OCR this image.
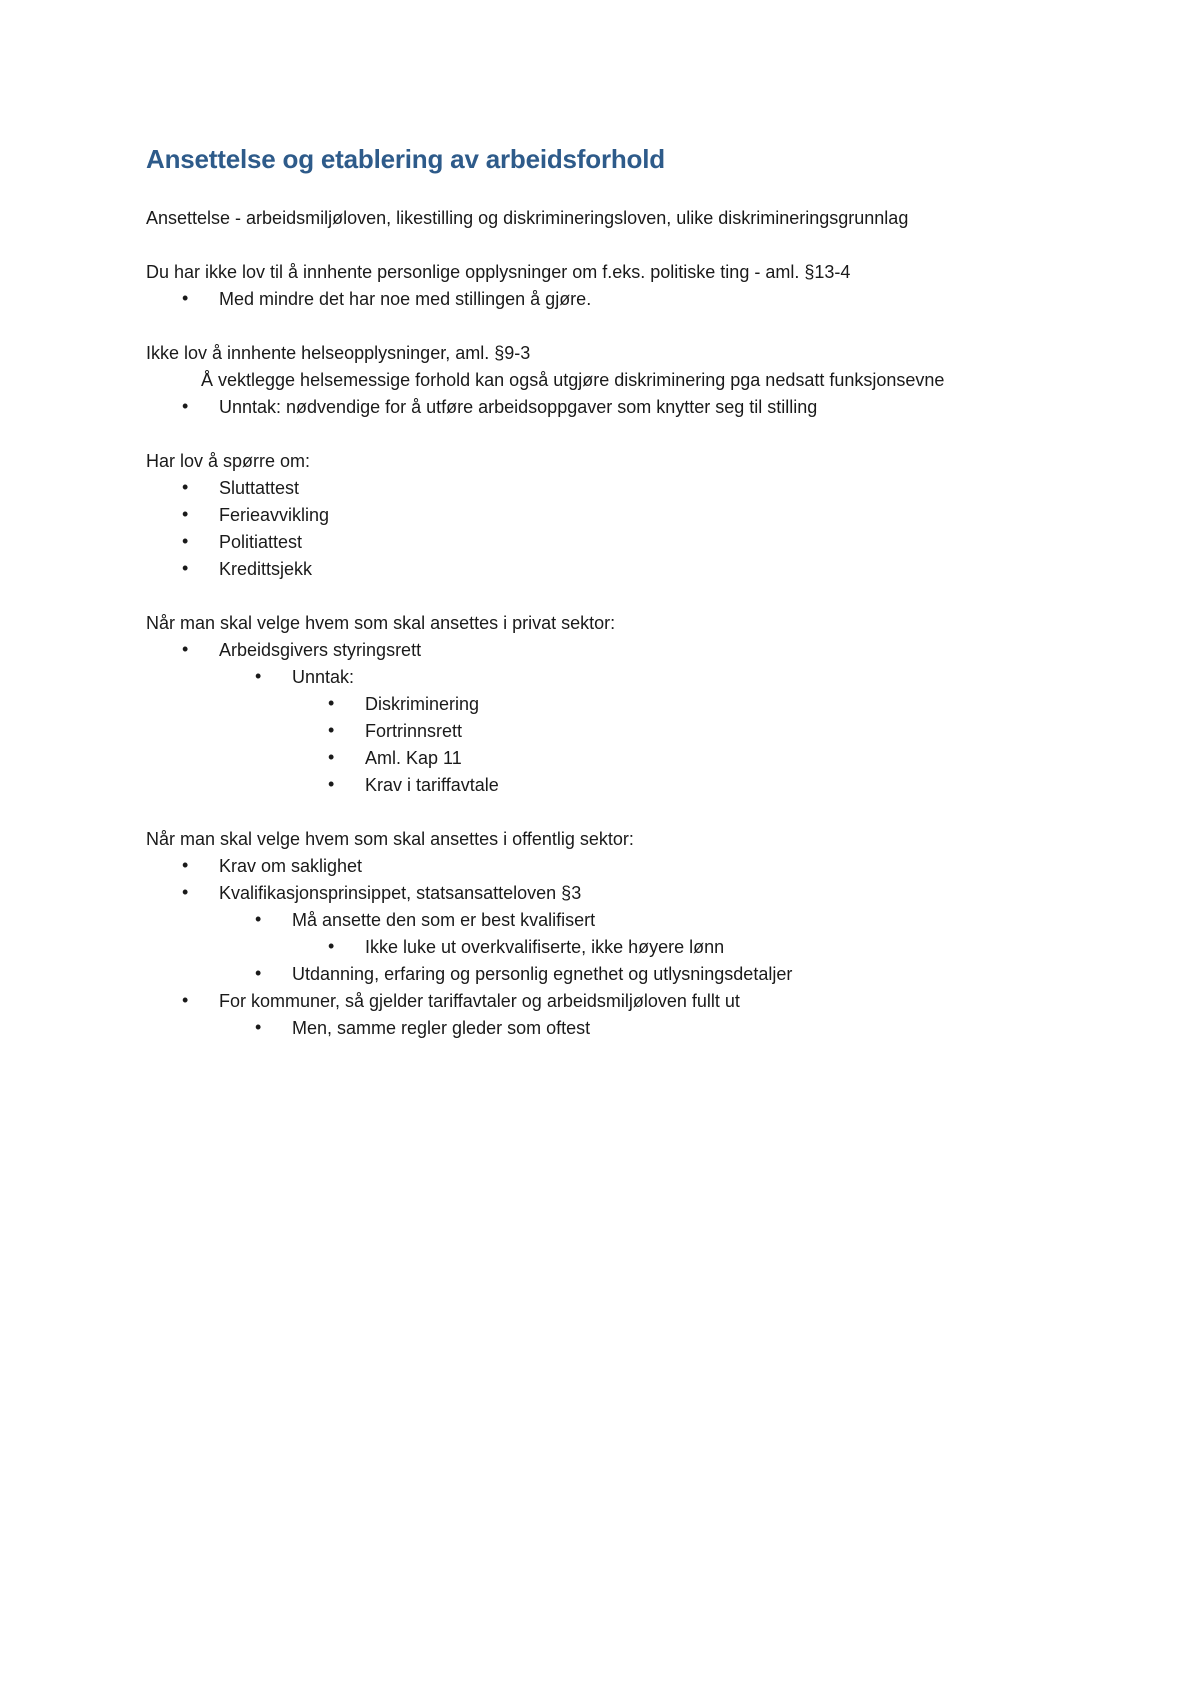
Ansettelse og etablering av arbeidsforhold

Ansettelse - arbeidsmiljøloven, likestilling og diskrimineringsloven, ulike diskrimineringsgrunnlag

Du har ikke lov til å innhente personlige opplysninger om f.eks. politiske ting - aml. §13-4

• Med mindre det har noe med stillingen å gjøre.

Ikke lov å innhente helseopplysninger, aml. §9-3

Å vektlegge helsemessige forhold kan også utgjøre diskriminering pga nedsatt funksjonsevne

• Unntak: nødvendige for å utføre arbeidsoppgaver som knytter seg til stilling

Har lov å spørre om:

• Sluttattest
• Ferieavvikling
• Politiattest
• Kredittsjekk

Når man skal velge hvem som skal ansettes i privat sektor:

• Arbeidsgivers styringsrett
• Unntak:
• Diskriminering
• Fortrinnsrett
• Aml. Kap 11
• Krav i tariffavtale

Når man skal velge hvem som skal ansettes i offentlig sektor:

• Krav om saklighet
• Kvalifikasjonsprinsippet, statsansatteloven §3
• Må ansette den som er best kvalifisert
• Ikke luke ut overkvalifiserte, ikke høyere lønn
• Utdanning, erfaring og personlig egnethet og utlysningsdetaljer
• For kommuner, så gjelder tariffavtaler og arbeidsmiljøloven fullt ut
• Men, samme regler gleder som oftest
